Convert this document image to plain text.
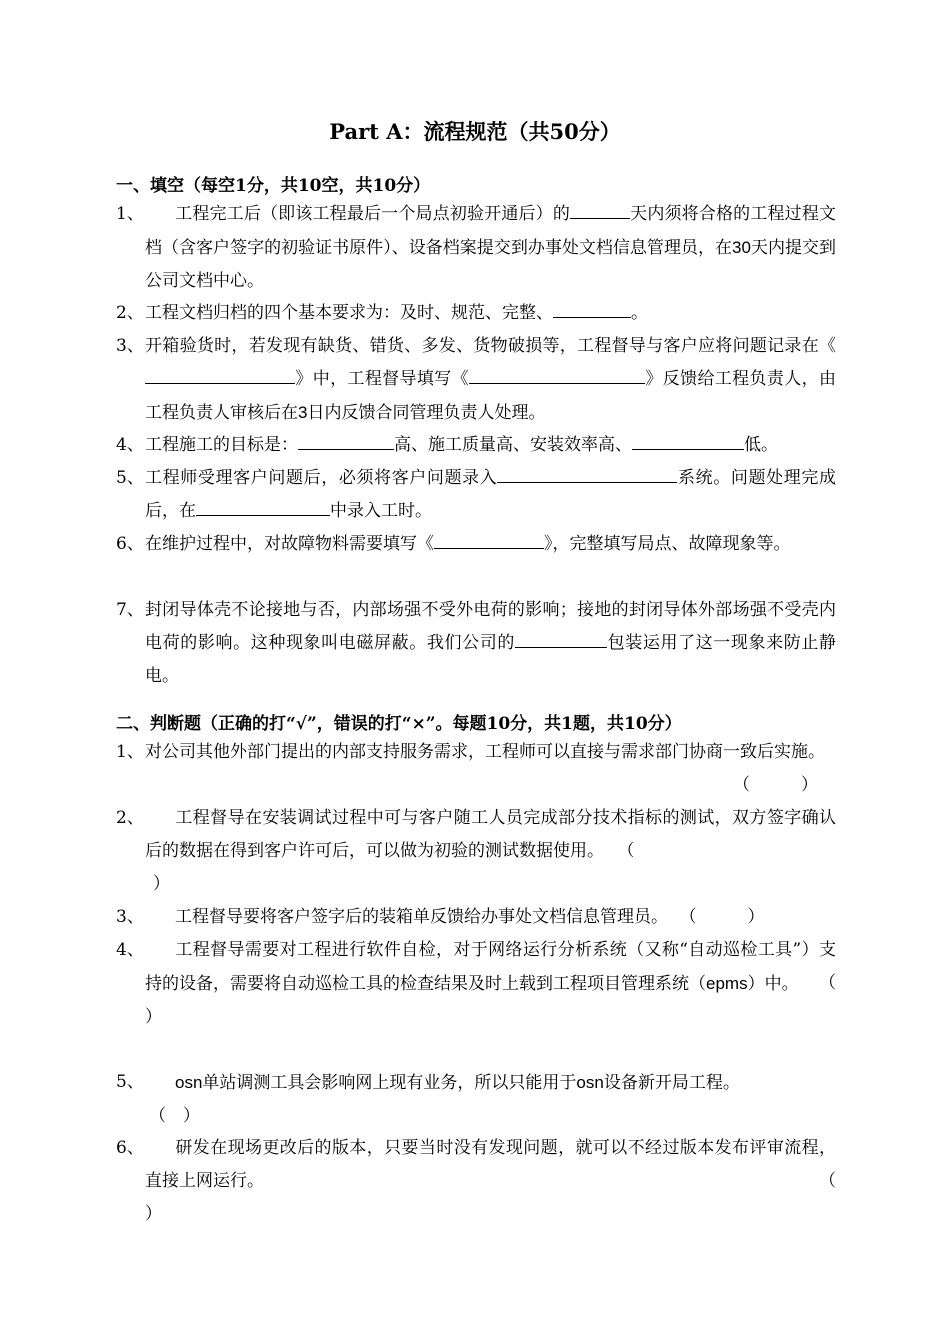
Part A：流程规范（共50分）
一、填空（每空1分，共10空，共10分）
1、	工程完工后（即该工程最后一个局点初验开通后）的	天内须将合格的工程过程文档（含客户签字的初验证书原件）、设备档案提交到办事处文档信息管理员，在30天内提交到公司文档中心。
2、 工程文档归档的四个基本要求为：及时、规范、完整、	。
3、 开箱验货时，若发现有缺货、错货、多发、货物破损等，工程督导与客户应将问题记录在《》中，工程督导填写《	》反馈给工程负责人，由工程负责人审核后在3日内反馈合同管理负责人处理。
4、 工程施工的目标是：	高、施工质量高、安装效率高、	低。
5、 工程师受理客户问题后，必须将客户问题录入	系统。问题处理完成后，在	中录入工时。
6、 在维护过程中，对故障物料需要填写《	》，完整填写局点、故障现象等。
7、 封闭导体壳不论接地与否，内部场强不受外电荷的影响；接地的封闭导体外部场强不受壳内电荷的影响。这种现象叫电磁屏蔽。我们公司的	包装运用了这一现象来防止静电。
二、判断题（正确的打“√”，错误的打“×”。每题10分，共1题，共10分）
1、 对公司其他外部门提出的内部支持服务需求，工程师可以直接与需求部门协商一致后实施。
（　　　）
2、	工程督导在安装调试过程中可与客户随工人员完成部分技术指标的测试，双方签字确认后的数据在得到客户许可后，可以做为初验的测试数据使用。 （
）
3、	工程督导要将客户签字后的装箱单反馈给办事处文档信息管理员。 （　　　）
4、	工程督导需要对工程进行软件自检，对于网络运行分析系统（又称“自动巡检工具”）支持的设备，需要将自动巡检工具的检查结果及时上载到工程项目管理系统（epms）中。 （

）
5、	osn单站调测工具会影响网上现有业务，所以只能用于osn设备新开局工程。
（　）
6、	研发在现场更改后的版本，只要当时没有发现问题，就可以不经过版本发布评审流程，直接上网运行。	（

）
